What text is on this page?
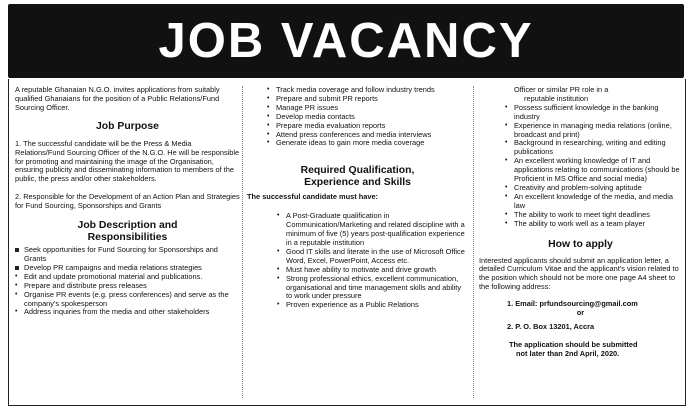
JOB VACANCY

A reputable Ghanaian N.G.O. invites applications from suitably qualified Ghanaians for the position of a Public Relations/Fund Sourcing Officer.

Job Purpose

1. The successful candidate will be the Press & Media Relations/Fund Sourcing Officer of the N.G.O. He will be responsible for promoting and maintaining the image of the Organisation, ensuring publicity and disseminating information to members of the public, the press and/or other stakeholders.

2. Responsible for the Development of an Action Plan and Strategies for Fund Sourcing, Sponsorships and Grants

Job Description and

Responsibilities

Seek opportunities for Fund Sourcing for Sponsorships and Grants
Develop PR campaigns and media relations strategies
• Edit and update promotional material and publications.
• Prepare and distribute press releases
• Organise PR events (e.g. press conferences) and serve as the company's spokesperson
• Address inquiries from the media and other stakeholders
• Track media coverage and follow industry trends
• Prepare and submit PR reports
• Manage PR issues
• Develop media contacts
• Prepare media evaluation reports
• Attend press conferences and media interviews
• Generate ideas to gain more media coverage

Required Qualification,

Experience and Skills

The successful candidate must have:

• A Post-Graduate qualification in Communication/Marketing and related discipline with a minimum of five (5) years post-qualification experience in a reputable institution
• Good IT skills and literate in the use of Microsoft Office Word, Excel, PowerPoint, Access etc.
• Must have ability to motivate and drive growth
• Strong professional ethics, excellent communication, organisational and time management skills and ability to work under pressure
• Proven experience as a Public Relations

Officer or similar PR role in a

reputable institution

• Possess sufficient knowledge in the banking industry
• Experience in managing media relations (online, broadcast and print)
• Background in researching, writing and editing publications
• An excellent working knowledge of IT and applications relating to communications (should be Proficient in MS Office and social media)
• Creativity and problem-solving aptitude
• An excellent knowledge of the media, and media law
• The ability to work to meet tight deadlines
• The ability to work well as a team player

How to apply

Interested applicants should submit an application letter, a detailed Curriculum Vitae and the applicant's vision related to the position which should not be more one page A4 sheet to the following address:

1. Email: prfundsourcing@gmail.com

or

2. P. O. Box 13201, Accra

The application should be submitted

not later than 2nd April, 2020.
